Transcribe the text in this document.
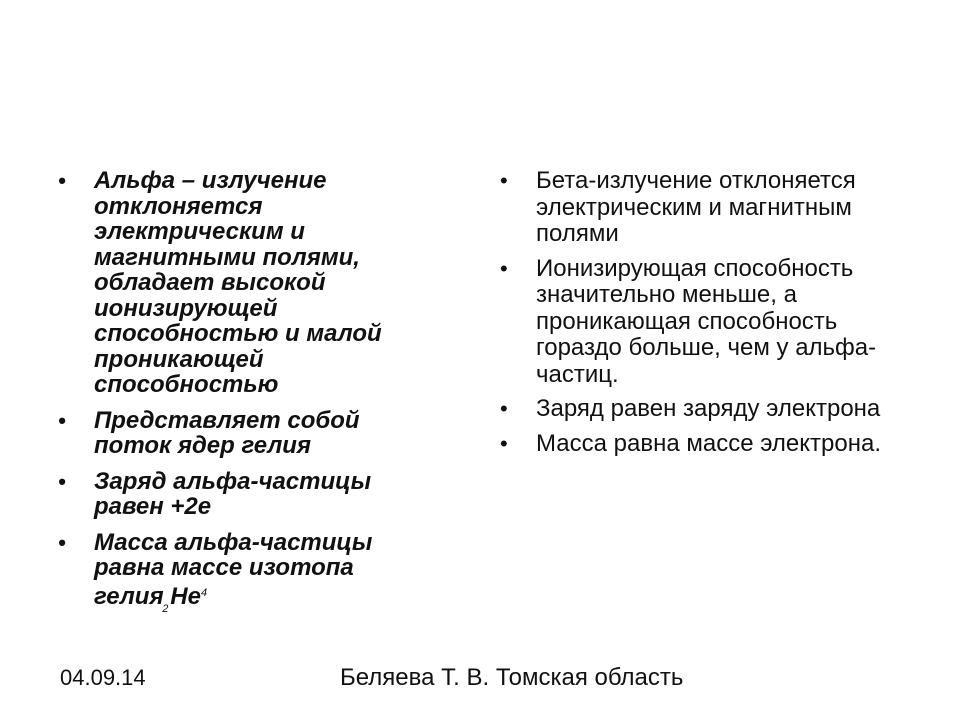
• Альфа – излучение отклоняется электрическим и магнитными полями, обладает высокой ионизирующей способностью и малой проникающей способностью
• Представляет собой поток ядер гелия
• Заряд альфа-частицы равен +2е
• Масса альфа-частицы равна массе изотопа гелия
2 He$^4$
• Бета-излучение отклоняется электрическим и магнитным полями
• Ионизирующая способность значительно меньше, а проникающая способность гораздо больше, чем у альфа-частиц.
• Заряд равен заряду электрона
• Масса равна массе электрона.
04.09.14	Беляева Т. В. Томская область
